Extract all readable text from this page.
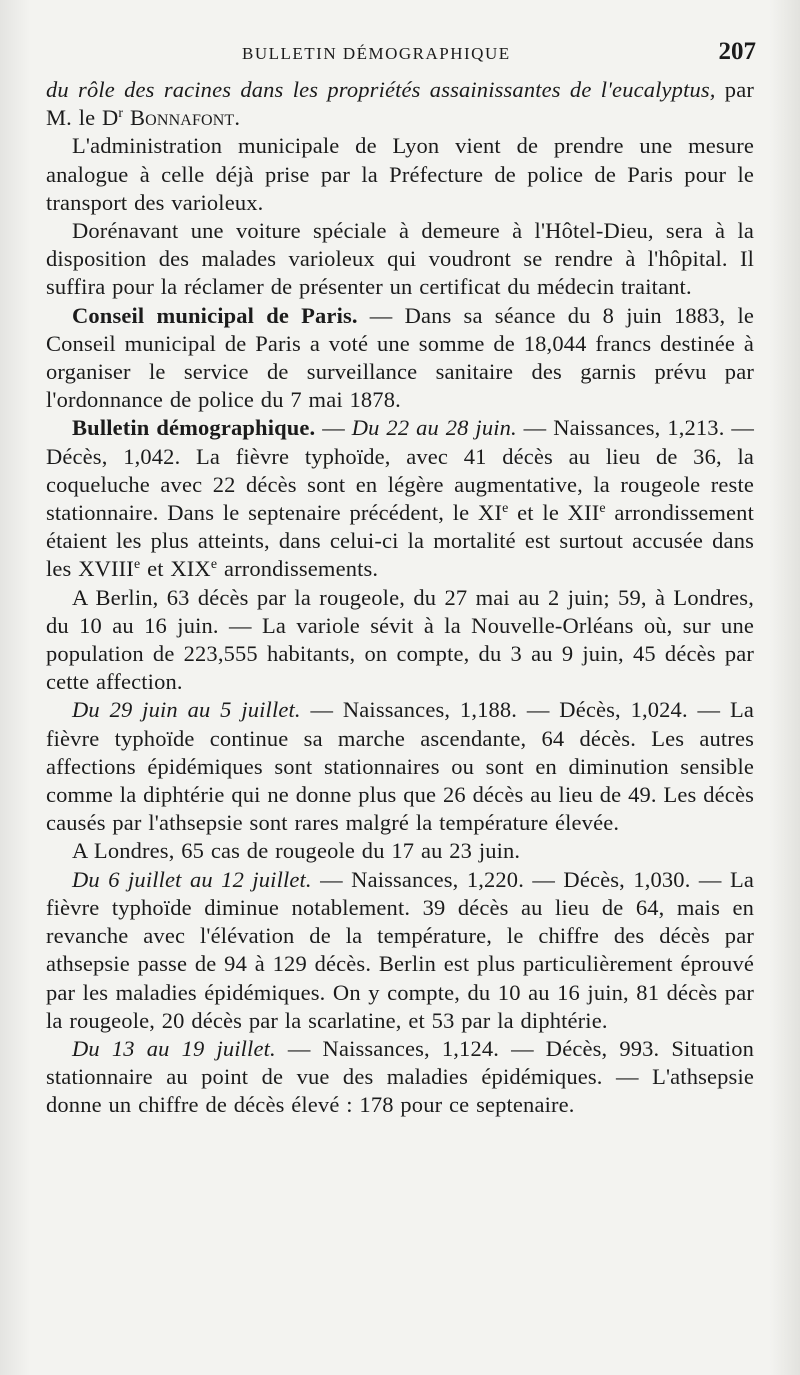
BULLETIN DÉMOGRAPHIQUE	207

du rôle des racines dans les propriétés assainissantes de l'eucalyptus, par M. le $D^r$ Bonnafont.

L'administration municipale de Lyon vient de prendre une mesure analogue à celle déjà prise par la Préfecture de police de Paris pour le transport des varioleux.

Dorénavant une voiture spéciale à demeure à l'Hôtel-Dieu, sera à la disposition des malades varioleux qui voudront se rendre à l'hôpital. Il suffira pour la réclamer de présenter un certificat du médecin traitant.

Conseil municipal de Paris. — Dans sa séance du 8 juin 1883, le Conseil municipal de Paris a voté une somme de 18,044 francs destinée à organiser le service de surveillance sanitaire des garnis prévu par l'ordonnance de police du 7 mai 1878.

Bulletin démographique. — Du 22 au 28 juin. — Naissances, 1,213. — Décès, 1,042. La fièvre typhoïde, avec 41 décès au lieu de 36, la coqueluche avec 22 décès sont en légère augmentative, la rougeole reste stationnaire. Dans le septenaire précédent, le XIe et le XIIe arrondissement étaient les plus atteints, dans celui-ci la mortalité est surtout accusée dans les XVIIIe et XIXe arrondissements.

A Berlin, 63 décès par la rougeole, du 27 mai au 2 juin; 59, à Londres, du 10 au 16 juin. — La variole sévit à la Nouvelle-Orléans où, sur une population de 223,555 habitants, on compte, du 3 au 9 juin, 45 décès par cette affection.

Du 29 juin au 5 juillet. — Naissances, 1,188. — Décès, 1,024. — La fièvre typhoïde continue sa marche ascendante, 64 décès. Les autres affections épidémiques sont stationnaires ou sont en diminution sensible comme la diphtérie qui ne donne plus que 26 décès au lieu de 49. Les décès causés par l'athsepsie sont rares malgré la température élevée.

A Londres, 65 cas de rougeole du 17 au 23 juin.

Du 6 juillet au 12 juillet. — Naissances, 1,220. — Décès, 1,030. — La fièvre typhoïde diminue notablement. 39 décès au lieu de 64, mais en revanche avec l'élévation de la température, le chiffre des décès par athsepsie passe de 94 à 129 décès. Berlin est plus particulièrement éprouvé par les maladies épidémiques. On y compte, du 10 au 16 juin, 81 décès par la rougeole, 20 décès par la scarlatine, et 53 par la diphtérie.

Du 13 au 19 juillet. — Naissances, 1,124. — Décès, 993. Situation stationnaire au point de vue des maladies épidémiques. — L'athsepsie donne un chiffre de décès élevé : 178 pour ce septenaire.
